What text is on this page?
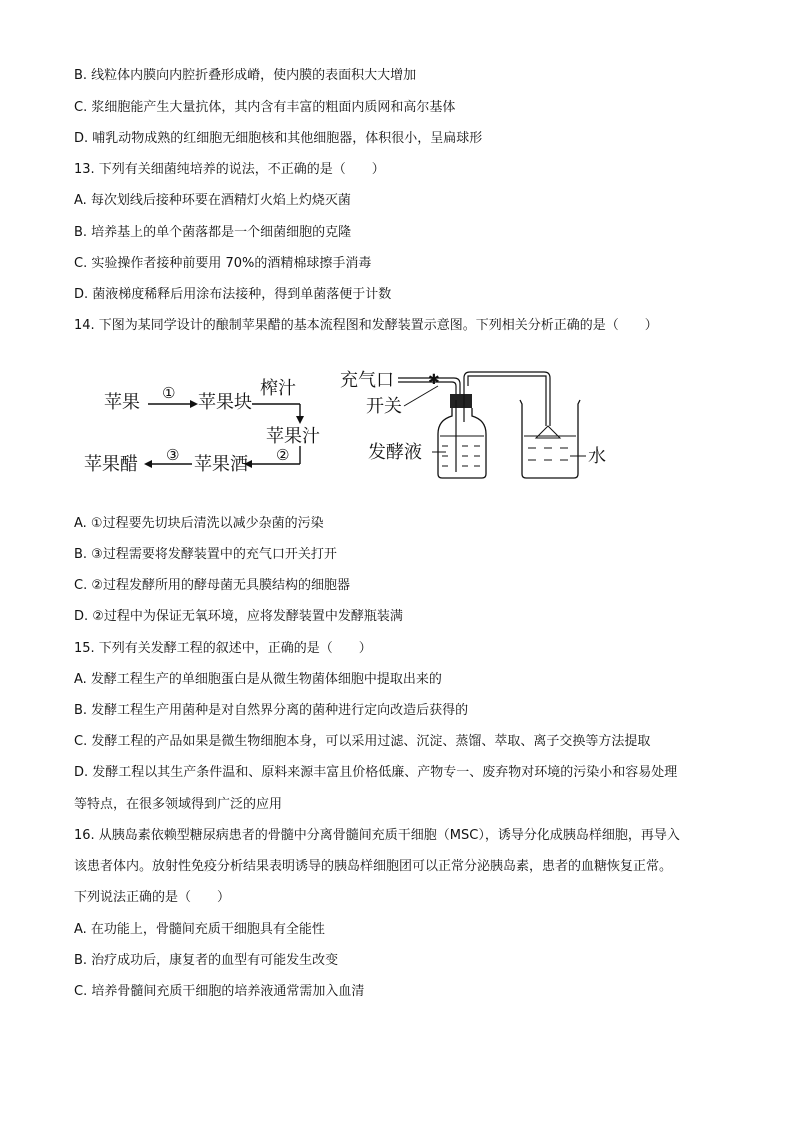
B. 线粒体内膜向内腔折叠形成嵴，使内膜的表面积大大增加
C. 浆细胞能产生大量抗体，其内含有丰富的粗面内质网和高尔基体
D. 哺乳动物成熟的红细胞无细胞核和其他细胞器，体积很小，呈扁球形
13. 下列有关细菌纯培养的说法，不正确的是（　　）
A. 每次划线后接种环要在酒精灯火焰上灼烧灭菌
B. 培养基上的单个菌落都是一个细菌细胞的克隆
C. 实验操作者接种前要用 70%的酒精棉球擦手消毒
D. 菌液梯度稀释后用涂布法接种，得到单菌落便于计数
14. 下图为某同学设计的酿制苹果醋的基本流程图和发酵装置示意图。下列相关分析正确的是（　　）
A. ①过程要先切块后清洗以减少杂菌的污染
B. ③过程需要将发酵装置中的充气口开关打开
C. ②过程发酵所用的酵母菌无具膜结构的细胞器
D. ②过程中为保证无氧环境，应将发酵装置中发酵瓶装满
15. 下列有关发酵工程的叙述中，正确的是（　　）
A. 发酵工程生产的单细胞蛋白是从微生物菌体细胞中提取出来的
B. 发酵工程生产用菌种是对自然界分离的菌种进行定向改造后获得的
C. 发酵工程的产品如果是微生物细胞本身，可以采用过滤、沉淀、蒸馏、萃取、离子交换等方法提取
D. 发酵工程以其生产条件温和、原料来源丰富且价格低廉、产物专一、废弃物对环境的污染小和容易处理
等特点，在很多领域得到广泛的应用
16. 从胰岛素依赖型糖尿病患者的骨髓中分离骨髓间充质干细胞（MSC），诱导分化成胰岛样细胞，再导入
该患者体内。放射性免疫分析结果表明诱导的胰岛样细胞团可以正常分泌胰岛素，患者的血糖恢复正常。
下列说法正确的是（　　）
A. 在功能上，骨髓间充质干细胞具有全能性
B. 治疗成功后，康复者的血型有可能发生改变
C. 培养骨髓间充质干细胞的培养液通常需加入血清
苹果 ① 苹果块
榨汁
苹果汁
②
苹果酒
③
苹果醋
充气口
开关
✱
发酵液	水
